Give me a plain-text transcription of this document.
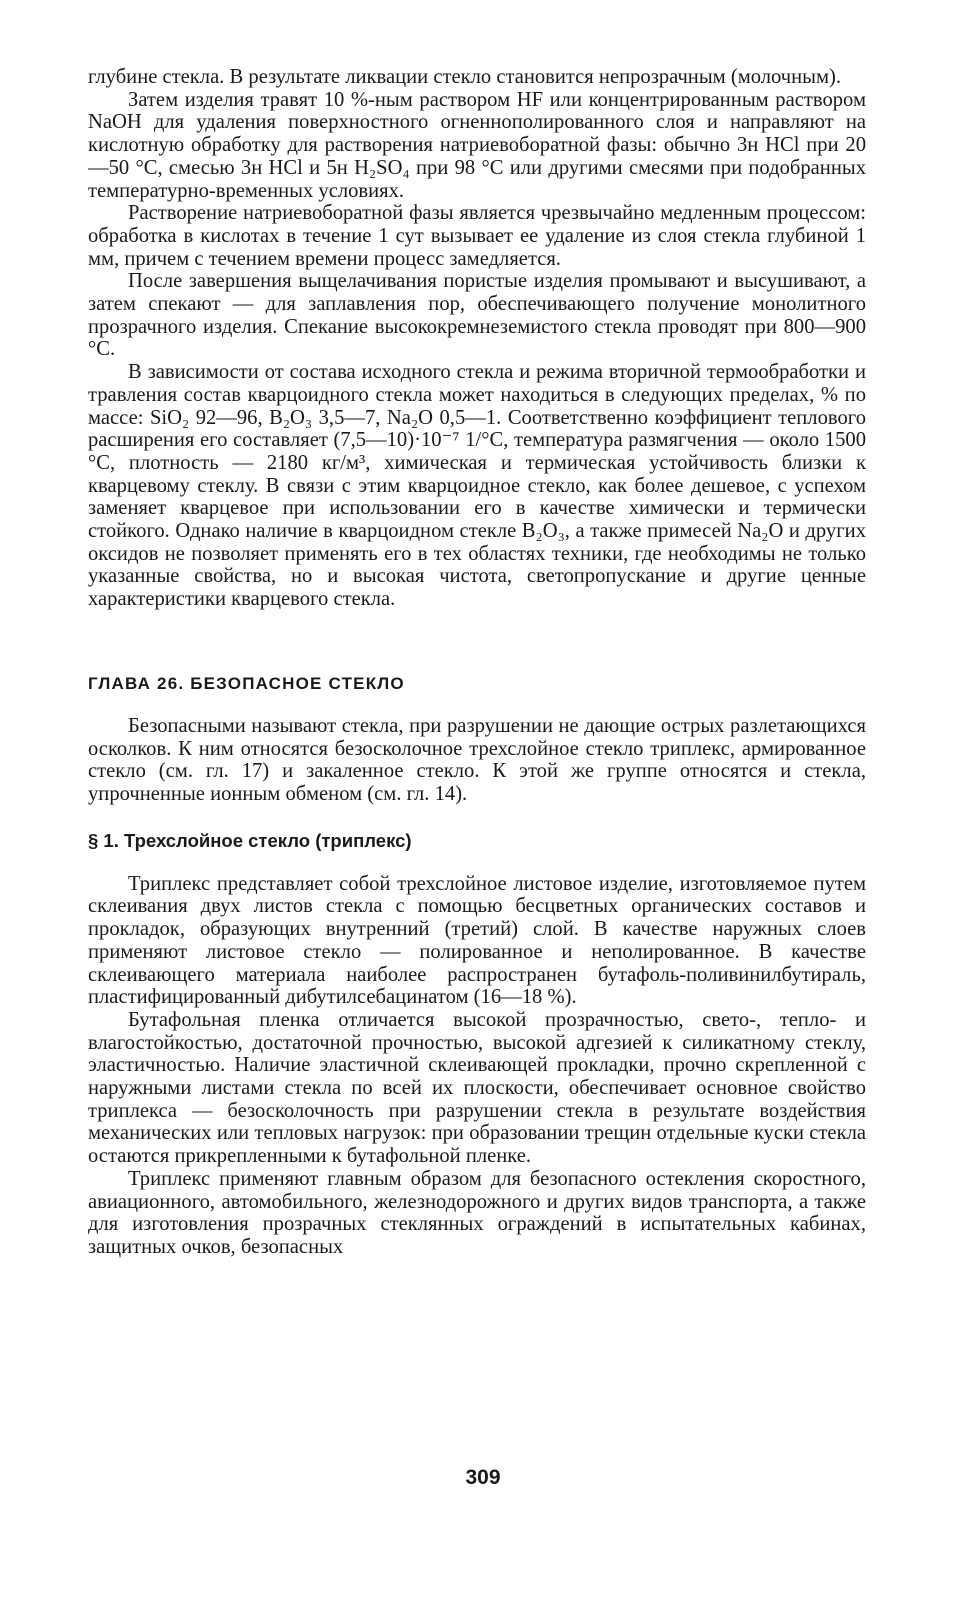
глубине стекла. В результате ликвации стекло становится непрозрачным (молочным).

Затем изделия травят 10 %-ным раствором HF или концентрированным раствором NaOH для удаления поверхностного огненнополированного слоя и направляют на кислотную обработку для растворения натриевоборатной фазы: обычно 3н HCl при 20—50 °С, смесью 3н HCl и 5н H₂SO₄ при 98 °С или другими смесями при подобранных температурно-временных условиях.

Растворение натриевоборатной фазы является чрезвычайно медленным процессом: обработка в кислотах в течение 1 сут вызывает ее удаление из слоя стекла глубиной 1 мм, причем с течением времени процесс замедляется.

После завершения выщелачивания пористые изделия промывают и высушивают, а затем спекают — для заплавления пор, обеспечивающего получение монолитного прозрачного изделия. Спекание высококремнеземистого стекла проводят при 800—900 °С.

В зависимости от состава исходного стекла и режима вторичной термообработки и травления состав кварцоидного стекла может находиться в следующих пределах, % по массе: SiO₂ 92—96, B₂O₃ 3,5—7, Na₂O 0,5—1. Соответственно коэффициент теплового расширения его составляет (7,5—10)·10⁻⁷ 1/°С, температура размягчения — около 1500 °С, плотность — 2180 кг/м³, химическая и термическая устойчивость близки к кварцевому стеклу. В связи с этим кварцоидное стекло, как более дешевое, с успехом заменяет кварцевое при использовании его в качестве химически и термически стойкого. Однако наличие в кварцоидном стекле B₂O₃, а также примесей Na₂O и других оксидов не позволяет применять его в тех областях техники, где необходимы не только указанные свойства, но и высокая чистота, светопропускание и другие ценные характеристики кварцевого стекла.

ГЛАВА 26. БЕЗОПАСНОЕ СТЕКЛО

Безопасными называют стекла, при разрушении не дающие острых разлетающихся осколков. К ним относятся безосколочное трехслойное стекло триплекс, армированное стекло (см. гл. 17) и закаленное стекло. К этой же группе относятся и стекла, упрочненные ионным обменом (см. гл. 14).

§ 1. Трехслойное стекло (триплекс)

Триплекс представляет собой трехслойное листовое изделие, изготовляемое путем склеивания двух листов стекла с помощью бесцветных органических составов и прокладок, образующих внутренний (третий) слой. В качестве наружных слоев применяют листовое стекло — полированное и неполированное. В качестве склеивающего материала наиболее распространен бутафоль-поливинилбутираль, пластифицированный дибутилсебацинатом (16—18 %).

Бутафольная пленка отличается высокой прозрачностью, свето-, тепло- и влагостойкостью, достаточной прочностью, высокой адгезией к силикатному стеклу, эластичностью. Наличие эластичной склеивающей прокладки, прочно скрепленной с наружными листами стекла по всей их плоскости, обеспечивает основное свойство триплекса — безосколочность при разрушении стекла в результате воздействия механических или тепловых нагрузок: при образовании трещин отдельные куски стекла остаются прикрепленными к бутафольной пленке.

Триплекс применяют главным образом для безопасного остекления скоростного, авиационного, автомобильного, железнодорожного и других видов транспорта, а также для изготовления прозрачных стеклянных ограждений в испытательных кабинах, защитных очков, безопасных

309
